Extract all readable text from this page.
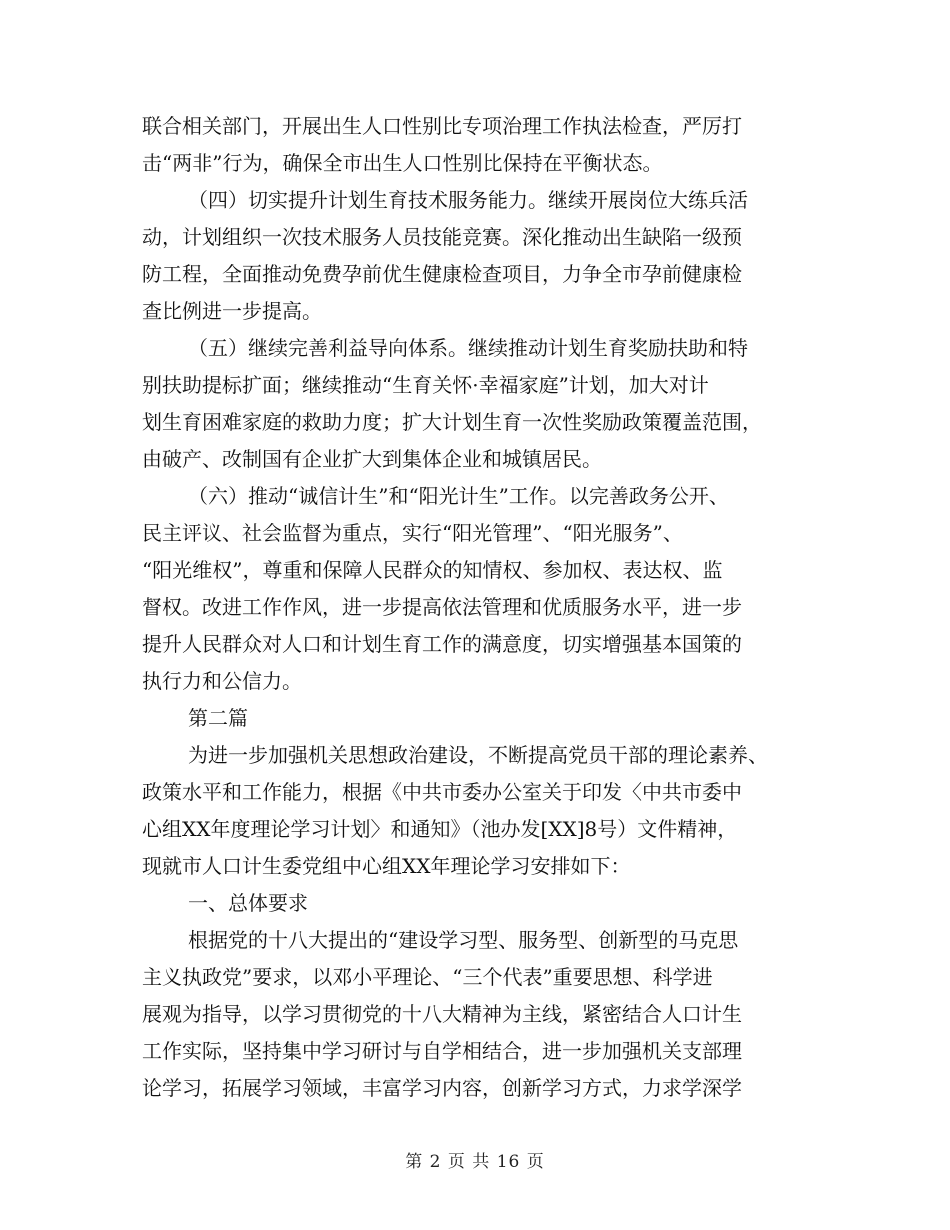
联合相关部门，开展出生人口性别比专项治理工作执法检查，严厉打
击“两非”行为，确保全市出生人口性别比保持在平衡状态。
（四）切实提升计划生育技术服务能力。继续开展岗位大练兵活
动，计划组织一次技术服务人员技能竞赛。深化推动出生缺陷一级预
防工程，全面推动免费孕前优生健康检查项目，力争全市孕前健康检
查比例进一步提高。
（五）继续完善利益导向体系。继续推动计划生育奖励扶助和特
别扶助提标扩面；继续推动“生育关怀·幸福家庭”计划，加大对计
划生育困难家庭的救助力度；扩大计划生育一次性奖励政策覆盖范围，
由破产、改制国有企业扩大到集体企业和城镇居民。
（六）推动“诚信计生”和“阳光计生”工作。以完善政务公开、
民主评议、社会监督为重点，实行“阳光管理”、“阳光服务”、
“阳光维权”，尊重和保障人民群众的知情权、参加权、表达权、监
督权。改进工作作风，进一步提高依法管理和优质服务水平，进一步
提升人民群众对人口和计划生育工作的满意度，切实增强基本国策的
执行力和公信力。
第二篇
为进一步加强机关思想政治建设，不断提高党员干部的理论素养、
政策水平和工作能力，根据《中共市委办公室关于印发〈中共市委中
心组XX年度理论学习计划〉和通知》（池办发[XX]8号）文件精神，
现就市人口计生委党组中心组XX年理论学习安排如下：
一、总体要求
根据党的十八大提出的“建设学习型、服务型、创新型的马克思
主义执政党”要求，以邓小平理论、“三个代表”重要思想、科学进
展观为指导，以学习贯彻党的十八大精神为主线，紧密结合人口计生
工作实际，坚持集中学习研讨与自学相结合，进一步加强机关支部理
论学习，拓展学习领域，丰富学习内容，创新学习方式，力求学深学
第 2 页 共 16 页
